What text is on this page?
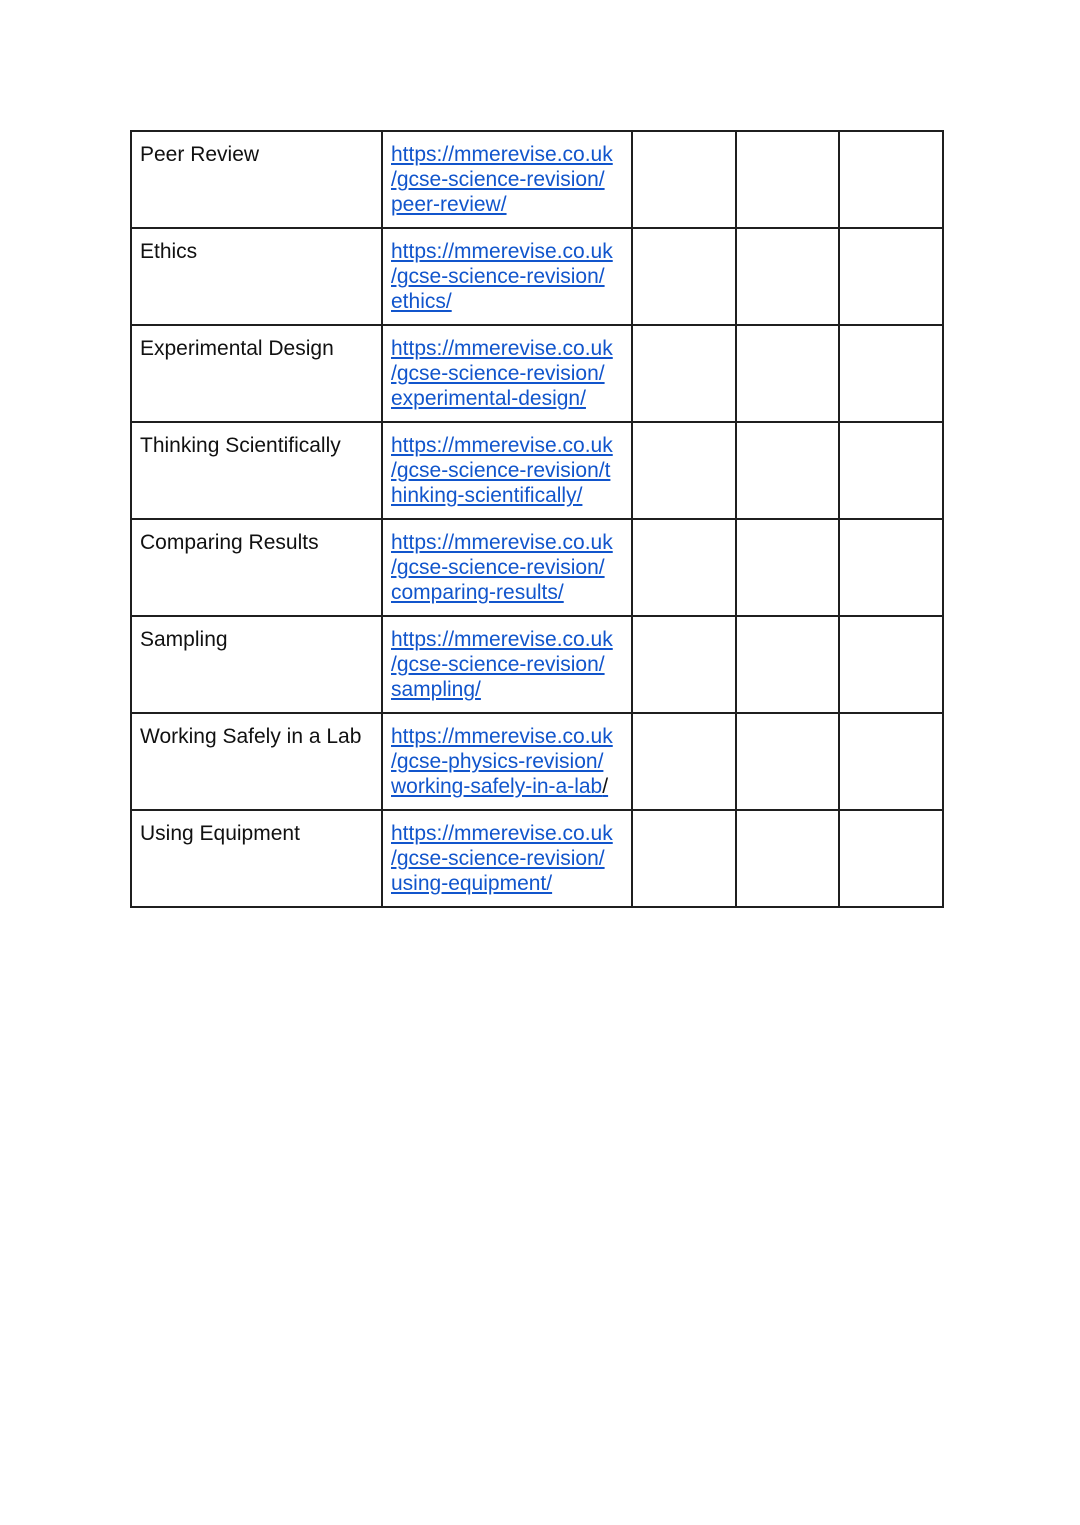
Peer Review	https://mmerevise.co.uk
/gcse-science-revision/
peer-review/			

Ethics	https://mmerevise.co.uk
/gcse-science-revision/
ethics/			

Experimental Design	https://mmerevise.co.uk
/gcse-science-revision/
experimental-design/			

Thinking Scientifically	https://mmerevise.co.uk
/gcse-science-revision/t
hinking-scientifically/			

Comparing Results	https://mmerevise.co.uk
/gcse-science-revision/
comparing-results/			

Sampling	https://mmerevise.co.uk
/gcse-science-revision/
sampling/			

Working Safely in a Lab	https://mmerevise.co.uk
/gcse-physics-revision/
working-safely-in-a-lab/			

Using Equipment	https://mmerevise.co.uk
/gcse-science-revision/
using-equipment/			
